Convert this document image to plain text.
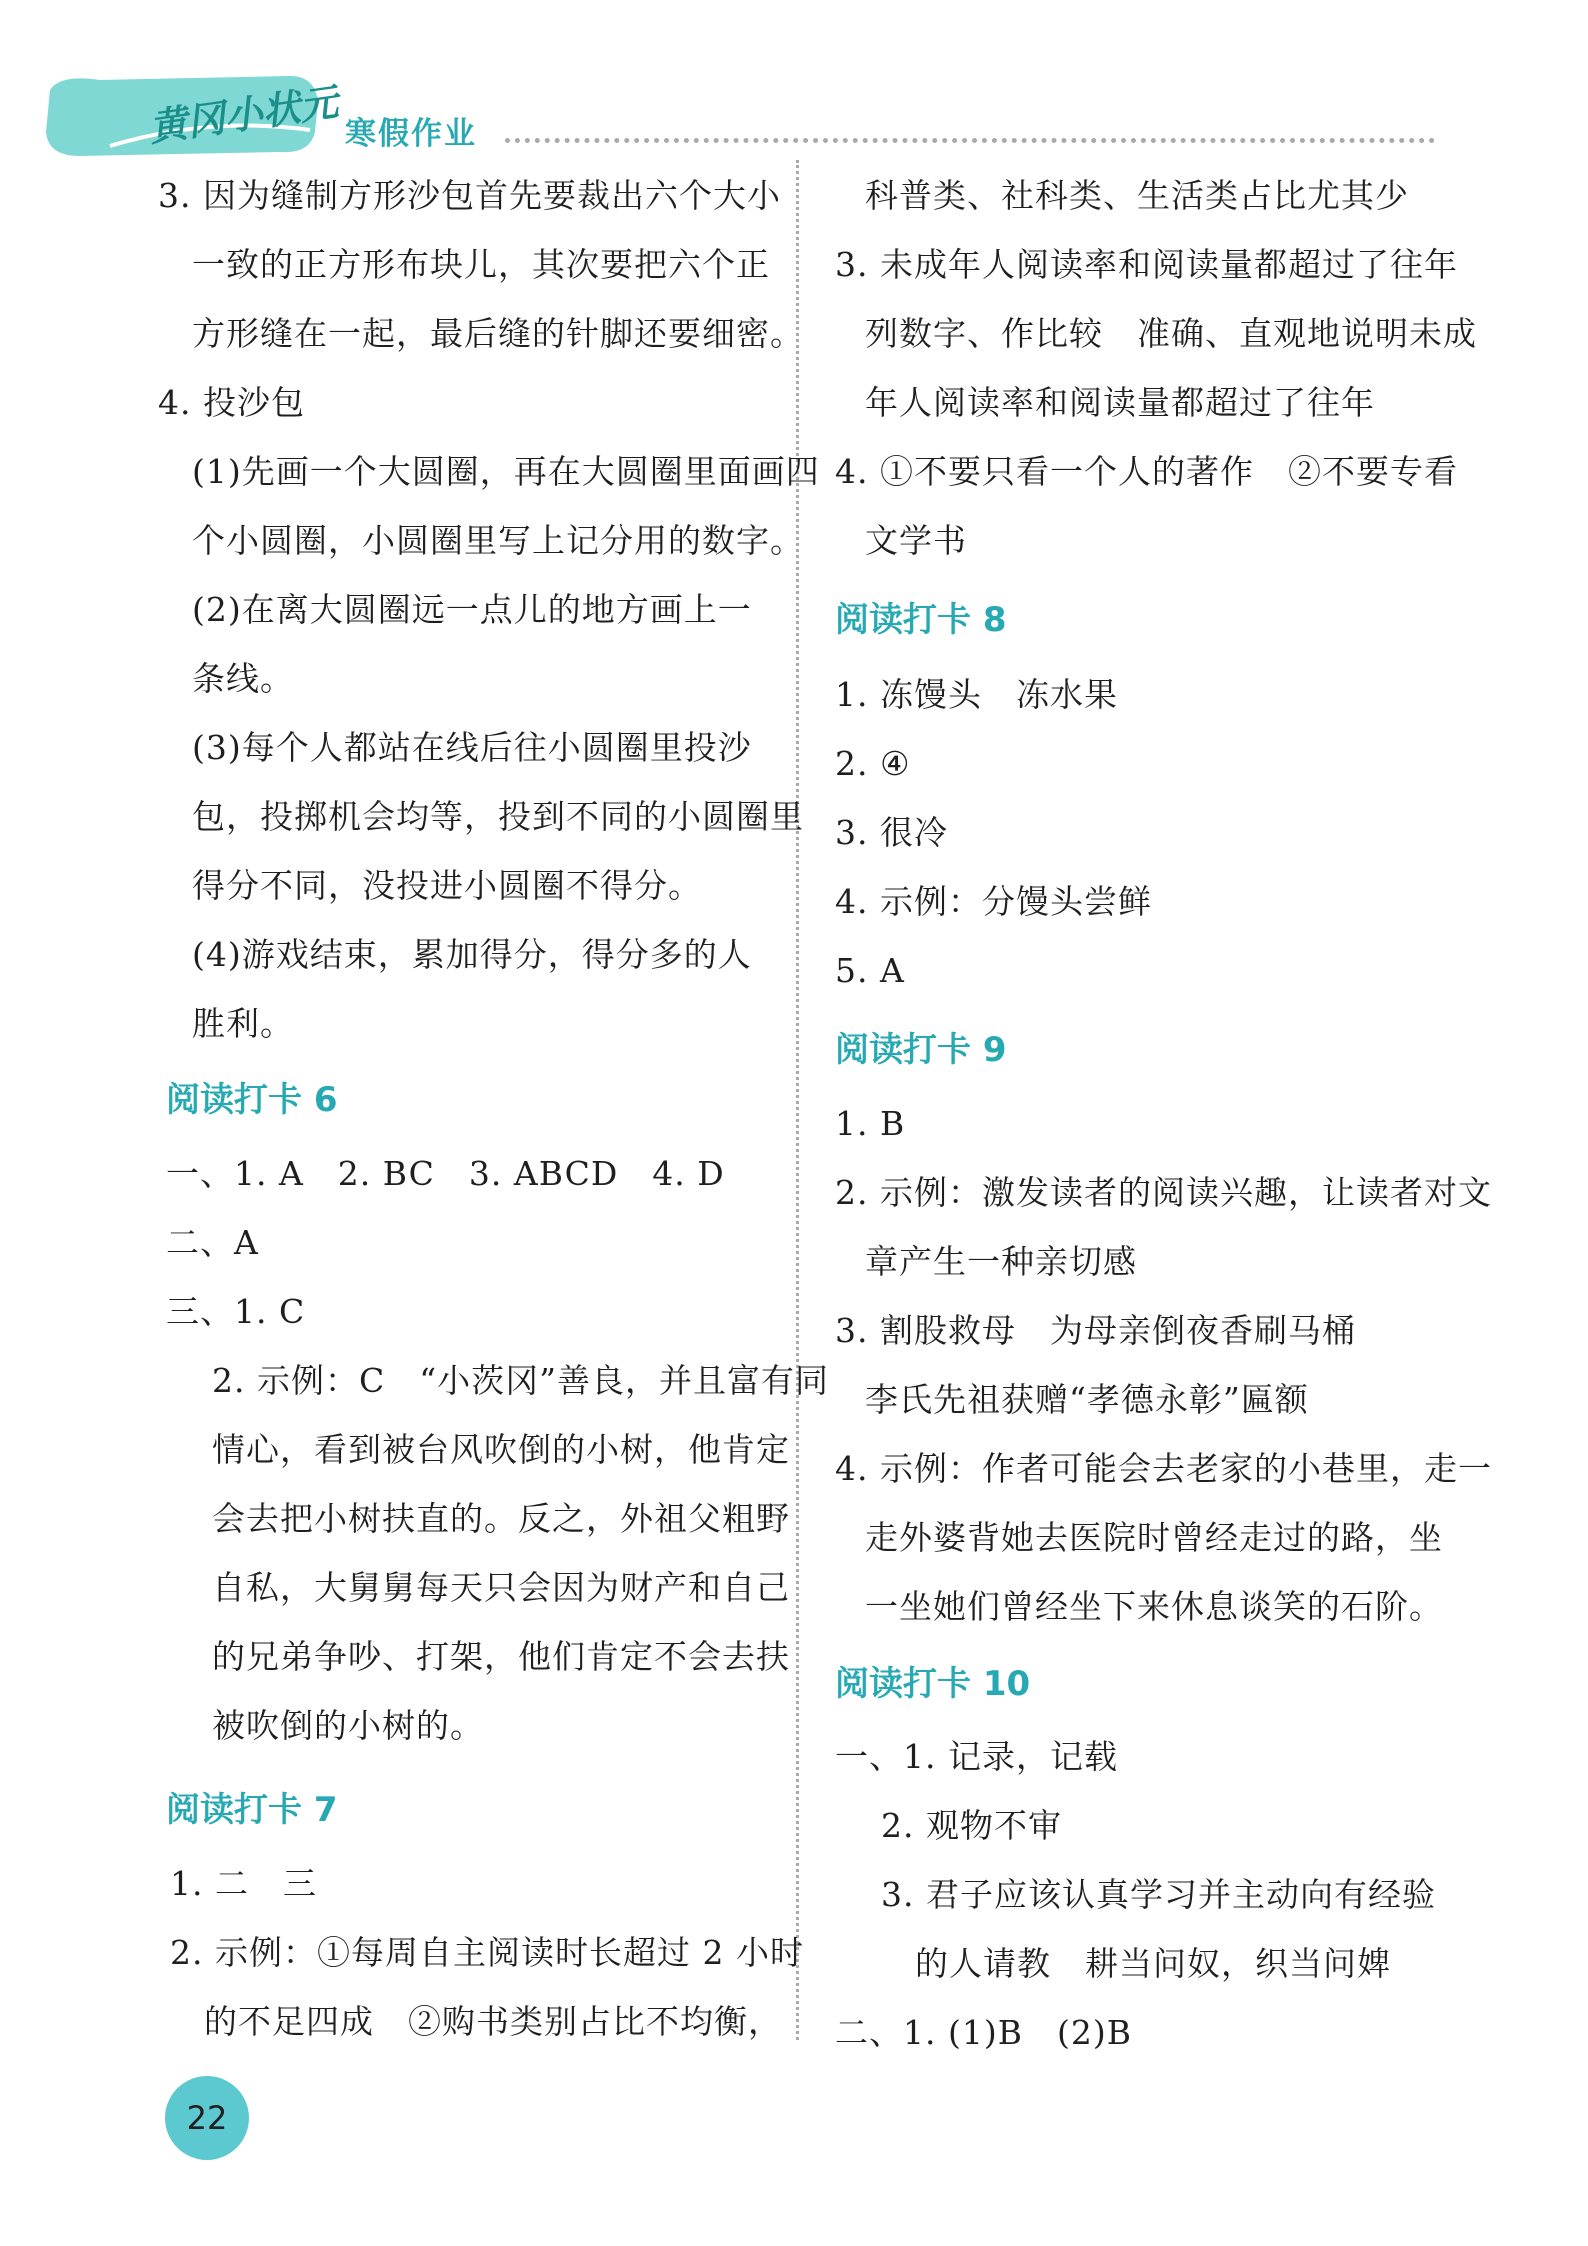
黄冈小状元 寒假作业
3. 因为缝制方形沙包首先要裁出六个大小
一致的正方形布块儿，其次要把六个正
方形缝在一起，最后缝的针脚还要细密。
4. 投沙包
(1)先画一个大圆圈，再在大圆圈里面画四
个小圆圈，小圆圈里写上记分用的数字。
(2)在离大圆圈远一点儿的地方画上一
条线。
(3)每个人都站在线后往小圆圈里投沙
包，投掷机会均等，投到不同的小圆圈里
得分不同，没投进小圆圈不得分。
(4)游戏结束，累加得分，得分多的人
胜利。
阅读打卡 6
一、1. A　2. BC　3. ABCD　4. D
二、A
三、1. C
2. 示例：C　“小茨冈”善良，并且富有同
情心，看到被台风吹倒的小树，他肯定
会去把小树扶直的。反之，外祖父粗野
自私，大舅舅每天只会因为财产和自己
的兄弟争吵、打架，他们肯定不会去扶
被吹倒的小树的。
阅读打卡 7
1. 二　三
2. 示例：①每周自主阅读时长超过 2 小时
的不足四成　②购书类别占比不均衡，
科普类、社科类、生活类占比尤其少
3. 未成年人阅读率和阅读量都超过了往年
列数字、作比较　准确、直观地说明未成
年人阅读率和阅读量都超过了往年
4. ①不要只看一个人的著作　②不要专看
文学书
阅读打卡 8
1. 冻馒头　冻水果
2. ④
3. 很冷
4. 示例：分馒头尝鲜
5. A
阅读打卡 9
1. B
2. 示例：激发读者的阅读兴趣，让读者对文
章产生一种亲切感
3. 割股救母　为母亲倒夜香刷马桶
李氏先祖获赠“孝德永彰”匾额
4. 示例：作者可能会去老家的小巷里，走一
走外婆背她去医院时曾经走过的路，坐
一坐她们曾经坐下来休息谈笑的石阶。
阅读打卡 10
一、1. 记录，记载
2. 观物不审
3. 君子应该认真学习并主动向有经验
的人请教　耕当问奴，织当问婢
二、1. (1)B　(2)B
22
